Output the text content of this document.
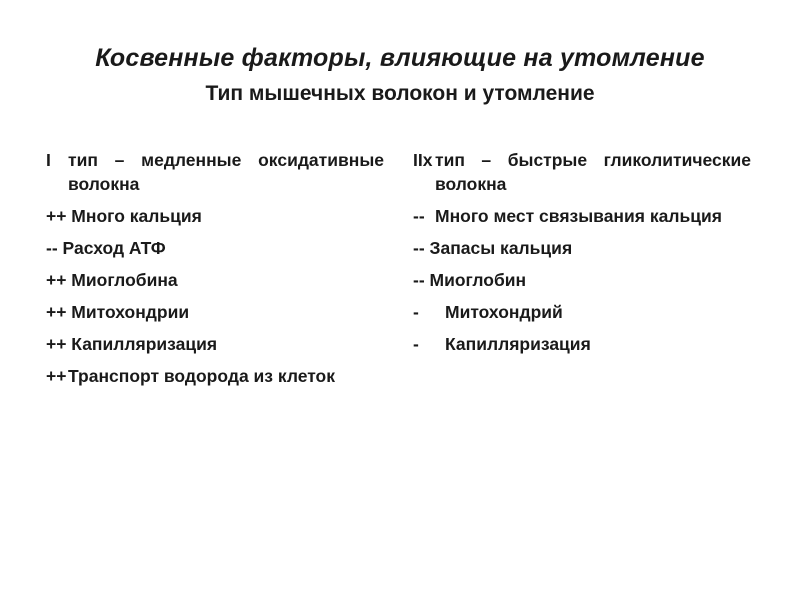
Косвенные факторы, влияющие на утомление
Тип мышечных волокон и утомление
I тип – медленные оксидативные волокна
++ Много кальция
-- Расход АТФ
++ Миоглобина
++ Митохондрии
++ Капилляризация
++ Транспорт водорода из клеток
IIx тип – быстрые гликолитические волокна
-- Много мест связывания кальция
-- Запасы кальция
-- Миоглобин
-	Митохондрий
-	Капилляризация
